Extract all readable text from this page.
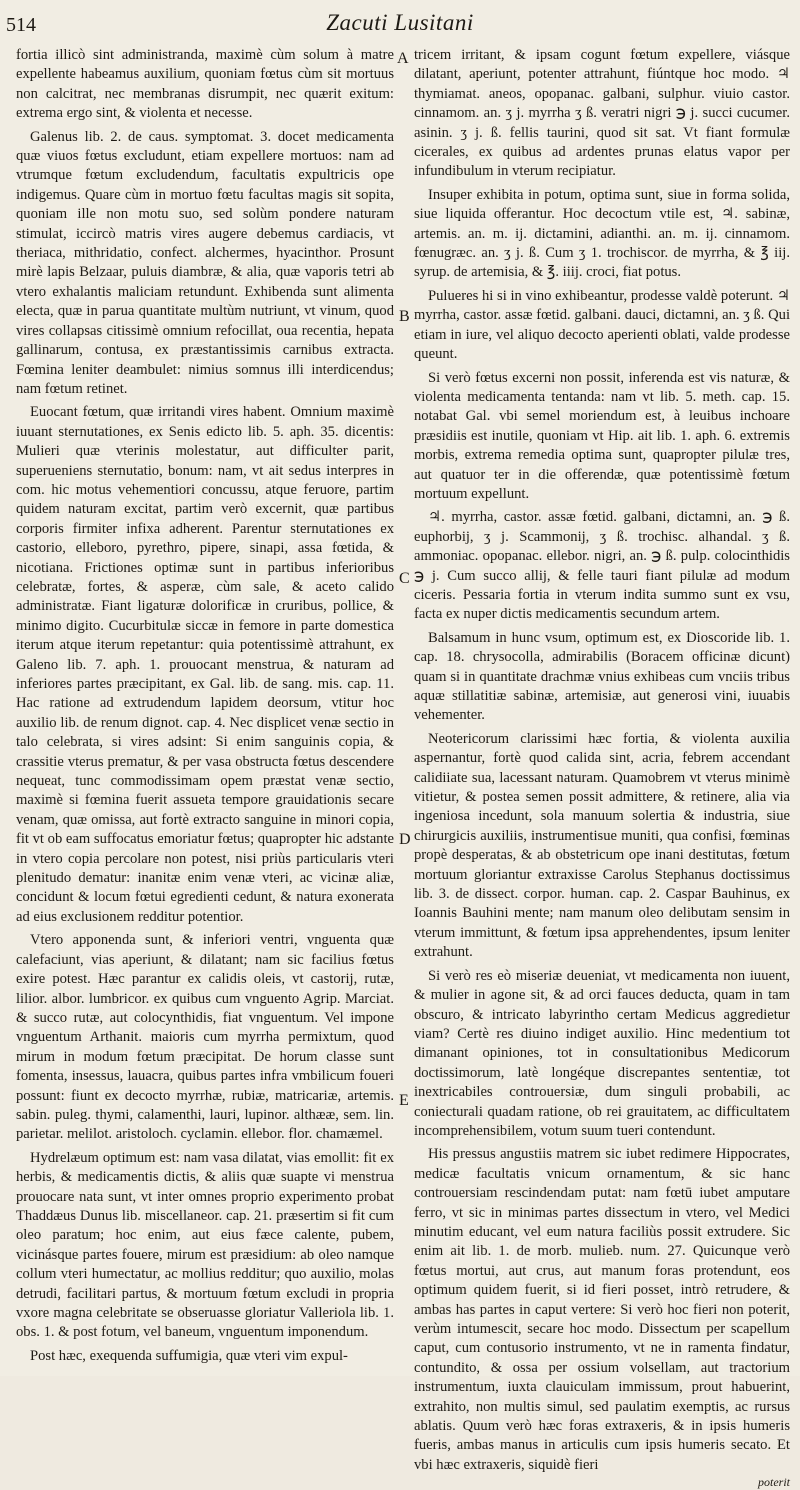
514	Zacuti Lusitani
A
B
C
D
E

fortia illicò sint administranda, maximè cùm solum à matre expellente habeamus auxilium, quoniam fœtus cùm sit mortuus non calcitrat, nec membranas disrumpit, nec quærit exitum: extrema ergo sint, & violenta et necesse.

Galenus lib. 2. de caus. symptomat. 3. docet medicamenta quæ viuos fœtus excludunt, etiam expellere mortuos: nam ad vtrumque fœtum excludendum, facultatis expultricis ope indigemus. Quare cùm in mortuo fœtu facultas magis sit sopita, quoniam ille non motu suo, sed solùm pondere naturam stimulat, iccircò matris vires augere debemus cardiacis, vt theriaca, mithridatio, confect. alchermes, hyacinthor. Prosunt mirè lapis Belzaar, puluis diambræ, & alia, quæ vaporis tetri ab vtero exhalantis maliciam retundunt. Exhibenda sunt alimenta electa, quæ in parua quantitate multùm nutriunt, vt vinum, quod vires collapsas citissimè omnium refocillat, oua recentia, hepata gallinarum, contusa, ex præstantissimis carnibus extracta. Fœmina leniter deambulet: nimius somnus illi interdicendus; nam fœtum retinet.

Euocant fœtum, quæ irritandi vires habent. Omnium maximè iuuant sternutationes, ex Senis edicto lib. 5. aph. 35. dicentis: Mulieri quæ vterinis molestatur, aut difficulter parit, superueniens sternutatio, bonum: nam, vt ait sedus interpres in com. hic motus vehementiori concussu, atque feruore, partim quidem naturam excitat, partim verò excernit, quæ partibus corporis firmiter infixa adherent. Parentur sternutationes ex castorio, elleboro, pyrethro, pipere, sinapi, assa fœtida, & nicotiana. Frictiones optimæ sunt in partibus inferioribus celebratæ, fortes, & asperæ, cùm sale, & aceto calido administratæ. Fiant ligaturæ dolorificæ in cruribus, pollice, & minimo digito. Cucurbitulæ siccæ in femore in parte domestica iterum atque iterum repetantur: quia potentissimè attrahunt, ex Galeno lib. 7. aph. 1. prouocant menstrua, & naturam ad inferiores partes præcipitant, ex Gal. lib. de sang. mis. cap. 11. Hac ratione ad extrudendum lapidem deorsum, vtitur hoc auxilio lib. de renum dignot. cap. 4. Nec displicet venæ sectio in talo celebrata, si vires adsint: Si enim sanguinis copia, & crassitie vterus prematur, & per vasa obstructa fœtus descendere nequeat, tunc commodissimam opem præstat venæ sectio, maximè si fœmina fuerit assueta tempore grauidationis secare venam, quæ omissa, aut fortè extracto sanguine in minori copia, fit vt ob eam suffocatus emoriatur fœtus; quapropter hic adstante in vtero copia percolare non potest, nisi priùs particularis vteri plenitudo dematur: inanitæ enim venæ vteri, ac vicinæ aliæ, concidunt & locum fœtui egredienti cedunt, & natura exonerata ad eius exclusionem redditur potentior.

Vtero apponenda sunt, & inferiori ventri, vnguenta quæ calefaciunt, vias aperiunt, & dilatant; nam sic facilius fœtus exire potest. Hæc parantur ex calidis oleis, vt castorij, rutæ, lilior. albor. lumbricor. ex quibus cum vnguento Agrip. Marciat. & succo rutæ, aut colocynthidis, fiat vnguentum. Vel impone vnguentum Arthanit. maioris cum myrrha permixtum, quod mirum in modum fœtum præcipitat. De horum classe sunt fomenta, insessus, lauacra, quibus partes infra vmbilicum foueri possunt: fiunt ex decocto myrrhæ, rubiæ, matricariæ, artemis. sabin. puleg. thymi, calamenthi, lauri, lupinor. althææ, sem. lin. parietar. melilot. aristoloch. cyclamin. ellebor. flor. chamæmel.

Hydrelæum optimum est: nam vasa dilatat, vias emollit: fit ex herbis, & medicamentis dictis, & aliis quæ suapte vi menstrua prouocare nata sunt, vt inter omnes proprio experimento probat Thaddæus Dunus lib. miscellaneor. cap. 21. præsertim si fit cum oleo paratum; hoc enim, aut eius fæce calente, pubem, vicinásque partes fouere, mirum est præsidium: ab oleo namque collum vteri humectatur, ac mollius redditur; quo auxilio, molas detrudi, facilitari partus, & mortuum fœtum excludi in propria vxore magna celebritate se obseruasse gloriatur Valleriola lib. 1. obs. 1. & post fotum, vel baneum, vnguentum imponendum.

Post hæc, exequenda suffumigia, quæ vteri vim expul-

tricem irritant, & ipsam cogunt fœtum expellere, viásque dilatant, aperiunt, potenter attrahunt, fiúntque hoc modo. ♃ thymiamat. aneos, opopanac. galbani, sulphur. viuio castor. cinnamom. an. ʒ j. myrrha ʒ ß. veratri nigri ℈ j. succi cucumer. asinin. ʒ j. ß. fellis taurini, quod sit sat. Vt fiant formulæ cicerales, ex quibus ad ardentes prunas elatus vapor per infundibulum in vterum recipiatur.

Insuper exhibita in potum, optima sunt, siue in forma solida, siue liquida offerantur. Hoc decoctum vtile est, ♃. sabinæ, artemis. an. m. ij. dictamini, adianthi. an. m. ij. cinnamom. fœnugræc. an. ʒ j. ß. Cum ʒ 1. trochiscor. de myrrha, & ℥ iij. syrup. de artemisia, & ℥. iiij. croci, fiat potus.

Pulueres hi si in vino exhibeantur, prodesse valdè poterunt. ♃ myrrha, castor. assæ fœtid. galbani. dauci, dictamni, an. ʒ ß. Qui etiam in iure, vel aliquo decocto aperienti oblati, valde prodesse queunt.

Si verò fœtus excerni non possit, inferenda est vis naturæ, & violenta medicamenta tentanda: nam vt lib. 5. meth. cap. 15. notabat Gal. vbi semel moriendum est, à leuibus inchoare præsidiis est inutile, quoniam vt Hip. ait lib. 1. aph. 6. extremis morbis, extrema remedia optima sunt, quapropter pilulæ tres, aut quatuor ter in die offerendæ, quæ potentissimè fœtum mortuum expellunt.

♃. myrrha, castor. assæ fœtid. galbani, dictamni, an. ℈ ß. euphorbij, ʒ j. Scammonij, ʒ ß. trochisc. alhandal. ʒ ß. ammoniac. opopanac. ellebor. nigri, an. ℈ ß. pulp. colocinthidis ℈ j. Cum succo allij, & felle tauri fiant pilulæ ad modum ciceris. Pessaria fortia in vterum indita summo sunt ex vsu, facta ex nuper dictis medicamentis secundum artem.

Balsamum in hunc vsum, optimum est, ex Dioscoride lib. 1. cap. 18. chrysocolla, admirabilis (Boracem officinæ dicunt) quam si in quantitate drachmæ vnius exhibeas cum vnciis tribus aquæ stillatitiæ sabinæ, artemisiæ, aut generosi vini, iuuabis vehementer.

Neotericorum clarissimi hæc fortia, & violenta auxilia aspernantur, fortè quod calida sint, acria, febrem accendant calidiiate sua, lacessant naturam. Quamobrem vt vterus minimè vitietur, & postea semen possit admittere, & retinere, alia via ingeniosa incedunt, sola manuum solertia & industria, siue chirurgicis auxiliis, instrumentisue muniti, qua confisi, fœminas propè desperatas, & ab obstetricum ope inani destitutas, fœtum mortuum gloriantur extraxisse Carolus Stephanus doctissimus lib. 3. de dissect. corpor. human. cap. 2. Caspar Bauhinus, ex Ioannis Bauhini mente; nam manum oleo delibutam sensim in vterum immittunt, & fœtum ipsa apprehendentes, ipsum leniter extrahunt.

Si verò res eò miseriæ deueniat, vt medicamenta non iuuent, & mulier in agone sit, & ad orci fauces deducta, quam in tam obscuro, & intricato labyrintho certam Medicus aggredietur viam? Certè res diuino indiget auxilio. Hinc medentium tot dimanant opiniones, tot in consultationibus Medicorum doctissimorum, latè longéque discrepantes sententiæ, tot inextricabiles controuersiæ, dum singuli probabili, ac coniecturali quadam ratione, ob rei grauitatem, ac difficultatem incomprehensibilem, votum suum tueri contendunt.

His pressus angustiis matrem sic iubet redimere Hippocrates, medicæ facultatis vnicum ornamentum, & sic hanc controuersiam rescindendam putat: nam fœtū iubet amputare ferro, vt sic in minimas partes dissectum in vtero, vel Medici minutim educant, vel eum natura faciliùs possit extrudere. Sic enim ait lib. 1. de morb. mulieb. num. 27. Quicunque verò fœtus mortui, aut crus, aut manum foras protendunt, eos optimum quidem fuerit, si id fieri posset, intrò retrudere, & ambas has partes in caput vertere: Si verò hoc fieri non poterit, verùm intumescit, secare hoc modo. Dissectum per scapellum caput, cum contusorio instrumento, vt ne in ramenta findatur, contundito, & ossa per ossium volsellam, aut tractorium instrumentum, iuxta clauiculam immissum, prout habuerint, extrahito, non multis simul, sed paulatim exemptis, ac rursus ablatis. Quum verò hæc foras extraxeris, & in ipsis humeris fueris, ambas manus in articulis cum ipsis humeris secato. Et vbi hæc extraxeris, siquidè fieri

poterit
